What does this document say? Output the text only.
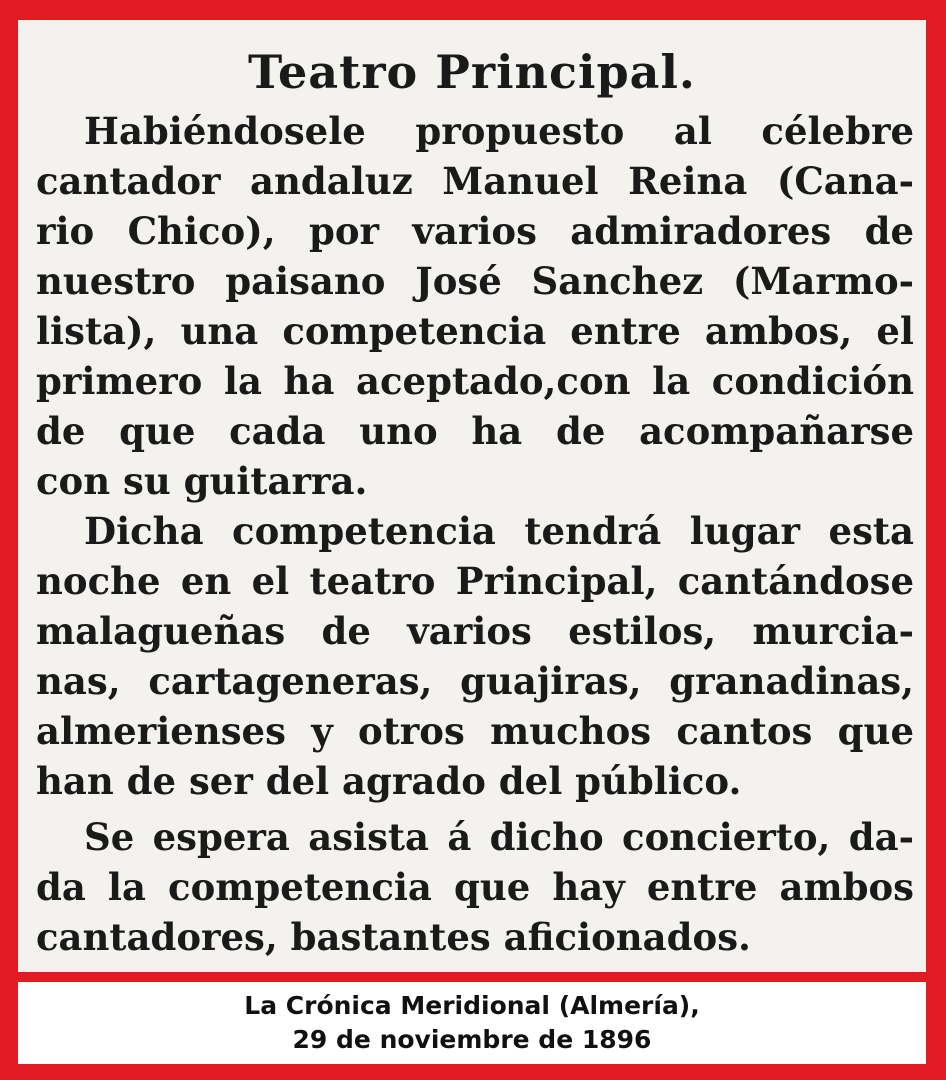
Teatro Principal.
Habiéndosele propuesto al célebre
cantador andaluz Manuel Reina (Cana-
rio Chico), por varios admiradores de
nuestro paisano José Sanchez (Marmo-
lista), una competencia entre ambos, el
primero la ha aceptado,con la condición
de que cada uno ha de acompañarse
con su guitarra.
Dicha competencia tendrá lugar esta
noche en el teatro Principal, cantándose
malagueñas de varios estilos, murcia-
nas, cartageneras, guajiras, granadinas,
almerienses y otros muchos cantos que
han de ser del agrado del público.
Se espera asista á dicho concierto, da-
da la competencia que hay entre ambos
cantadores, bastantes aficionados.
La Crónica Meridional (Almería),
29 de noviembre de 1896
